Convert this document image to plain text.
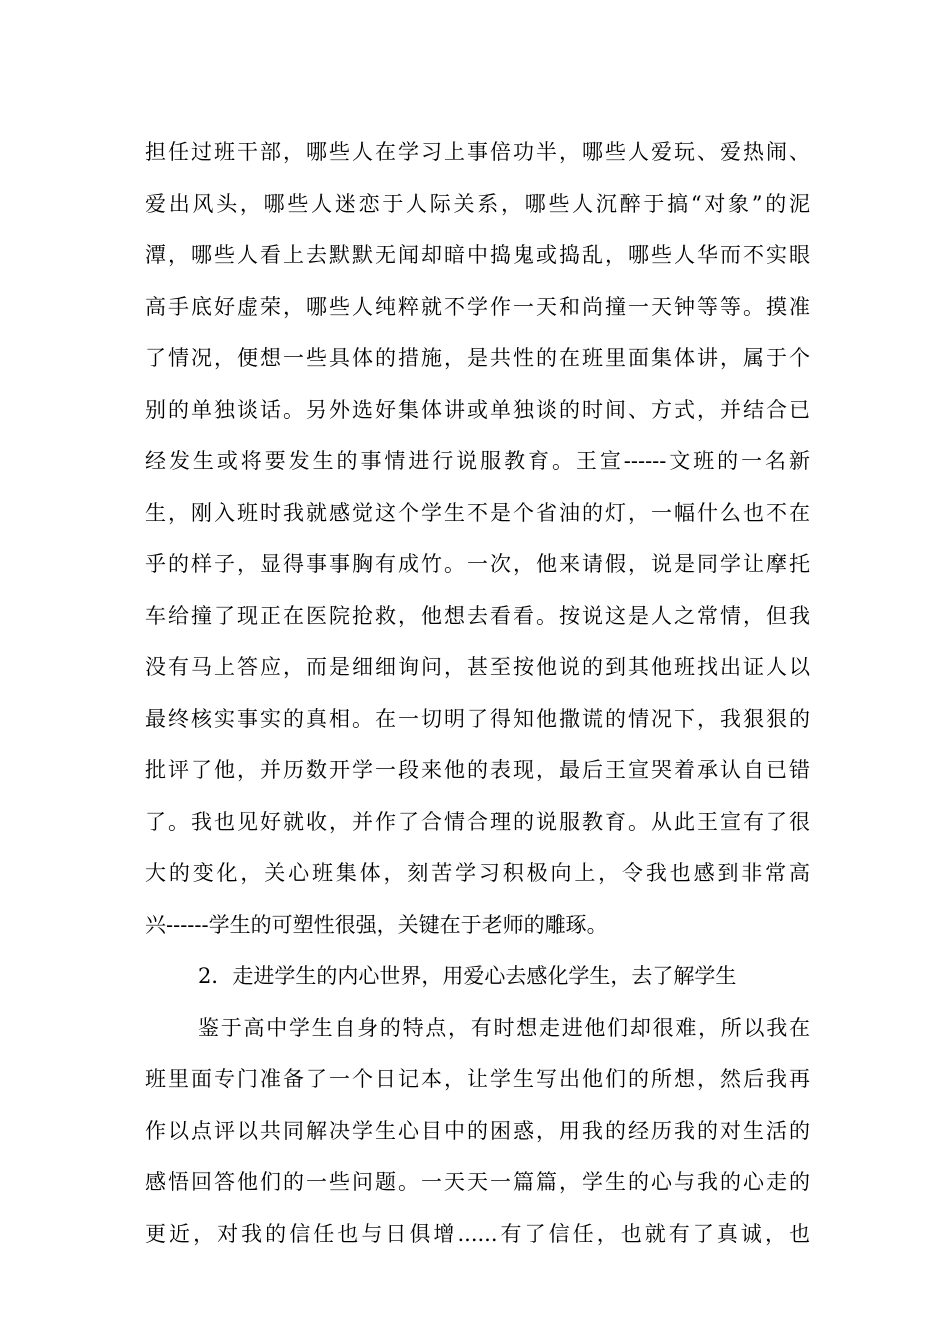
担任过班干部，哪些人在学习上事倍功半，哪些人爱玩、爱热闹、
爱出风头，哪些人迷恋于人际关系，哪些人沉醉于搞“对象”的泥
潭，哪些人看上去默默无闻却暗中捣鬼或捣乱，哪些人华而不实眼
高手底好虚荣，哪些人纯粹就不学作一天和尚撞一天钟等等。摸准
了情况，便想一些具体的措施，是共性的在班里面集体讲，属于个
别的单独谈话。另外选好集体讲或单独谈的时间、方式，并结合已
经发生或将要发生的事情进行说服教育。王宣------文班的一名新
生，刚入班时我就感觉这个学生不是个省油的灯，一幅什么也不在
乎的样子，显得事事胸有成竹。一次，他来请假，说是同学让摩托
车给撞了现正在医院抢救，他想去看看。按说这是人之常情，但我
没有马上答应，而是细细询问，甚至按他说的到其他班找出证人以
最终核实事实的真相。在一切明了得知他撒谎的情况下，我狠狠的
批评了他，并历数开学一段来他的表现，最后王宣哭着承认自已错
了。我也见好就收，并作了合情合理的说服教育。从此王宣有了很
大的变化，关心班集体，刻苦学习积极向上，令我也感到非常高
兴------学生的可塑性很强，关键在于老师的雕琢。
2．走进学生的内心世界，用爱心去感化学生，去了解学生
鉴于高中学生自身的特点，有时想走进他们却很难，所以我在
班里面专门准备了一个日记本，让学生写出他们的所想，然后我再
作以点评以共同解决学生心目中的困惑，用我的经历我的对生活的
感悟回答他们的一些问题。一天天一篇篇，学生的心与我的心走的
更近，对我的信任也与日俱增......有了信任，也就有了真诚，也
